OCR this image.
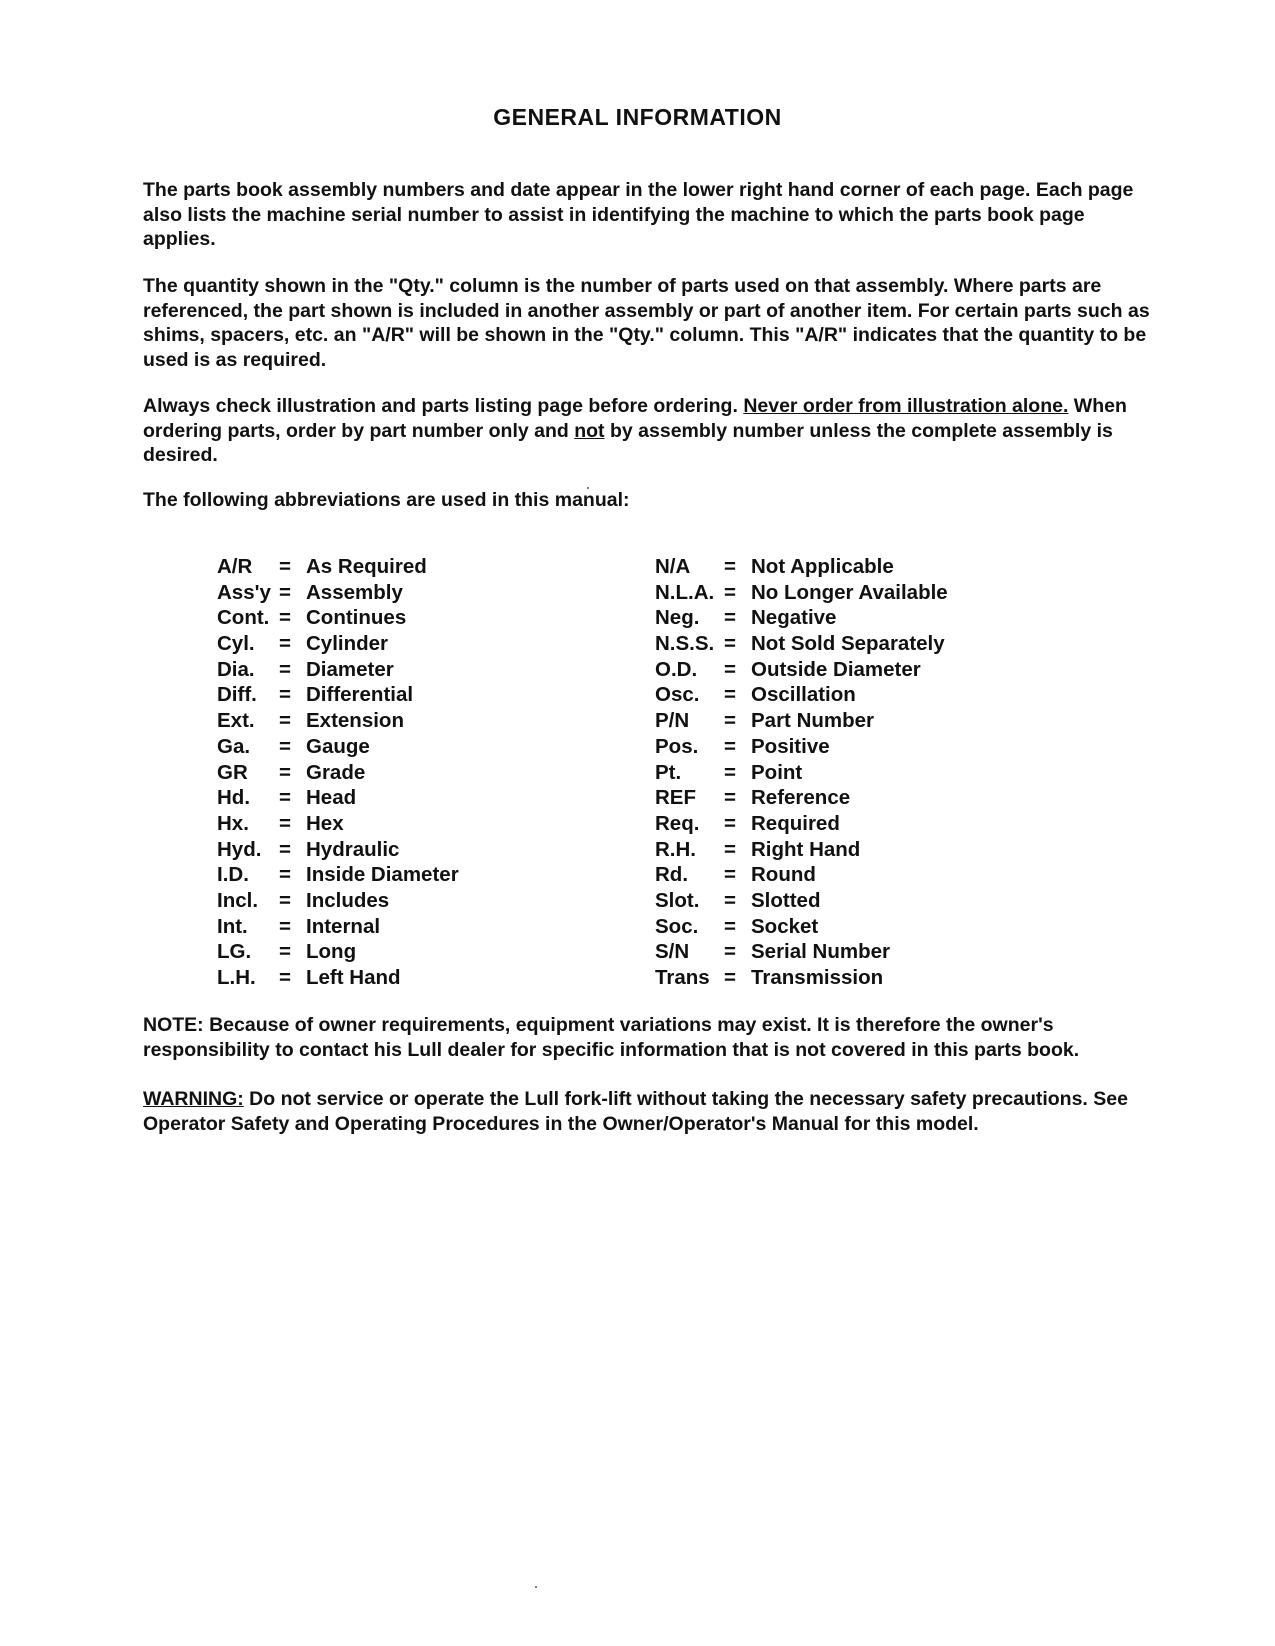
GENERAL INFORMATION

The parts book assembly numbers and date appear in the lower right hand corner of each page. Each page also lists the machine serial number to assist in identifying the machine to which the parts book page applies.

The quantity shown in the "Qty." column is the number of parts used on that assembly. Where parts are referenced, the part shown is included in another assembly or part of another item. For certain parts such as shims, spacers, etc. an "A/R" will be shown in the "Qty." column. This "A/R" indicates that the quantity to be used is as required.

Always check illustration and parts listing page before ordering. Never order from illustration alone. When ordering parts, order by part number only and not by assembly number unless the complete assembly is desired.

The following abbreviations are used in this manual:

A/R = As Required
Ass'y = Assembly
Cont. = Continues
Cyl. = Cylinder
Dia. = Diameter
Diff. = Differential
Ext. = Extension
Ga. = Gauge
GR = Grade
Hd. = Head
Hx. = Hex
Hyd. = Hydraulic
I.D. = Inside Diameter
Incl. = Includes
Int. = Internal
LG. = Long
L.H. = Left Hand
N/A = Not Applicable
N.L.A. = No Longer Available
Neg. = Negative
N.S.S. = Not Sold Separately
O.D. = Outside Diameter
Osc. = Oscillation
P/N = Part Number
Pos. = Positive
Pt. = Point
REF = Reference
Req. = Required
R.H. = Right Hand
Rd. = Round
Slot. = Slotted
Soc. = Socket
S/N = Serial Number
Trans = Transmission

NOTE: Because of owner requirements, equipment variations may exist. It is therefore the owner's responsibility to contact his Lull dealer for specific information that is not covered in this parts book.

WARNING: Do not service or operate the Lull fork-lift without taking the necessary safety precautions. See Operator Safety and Operating Procedures in the Owner/Operator's Manual for this model.
